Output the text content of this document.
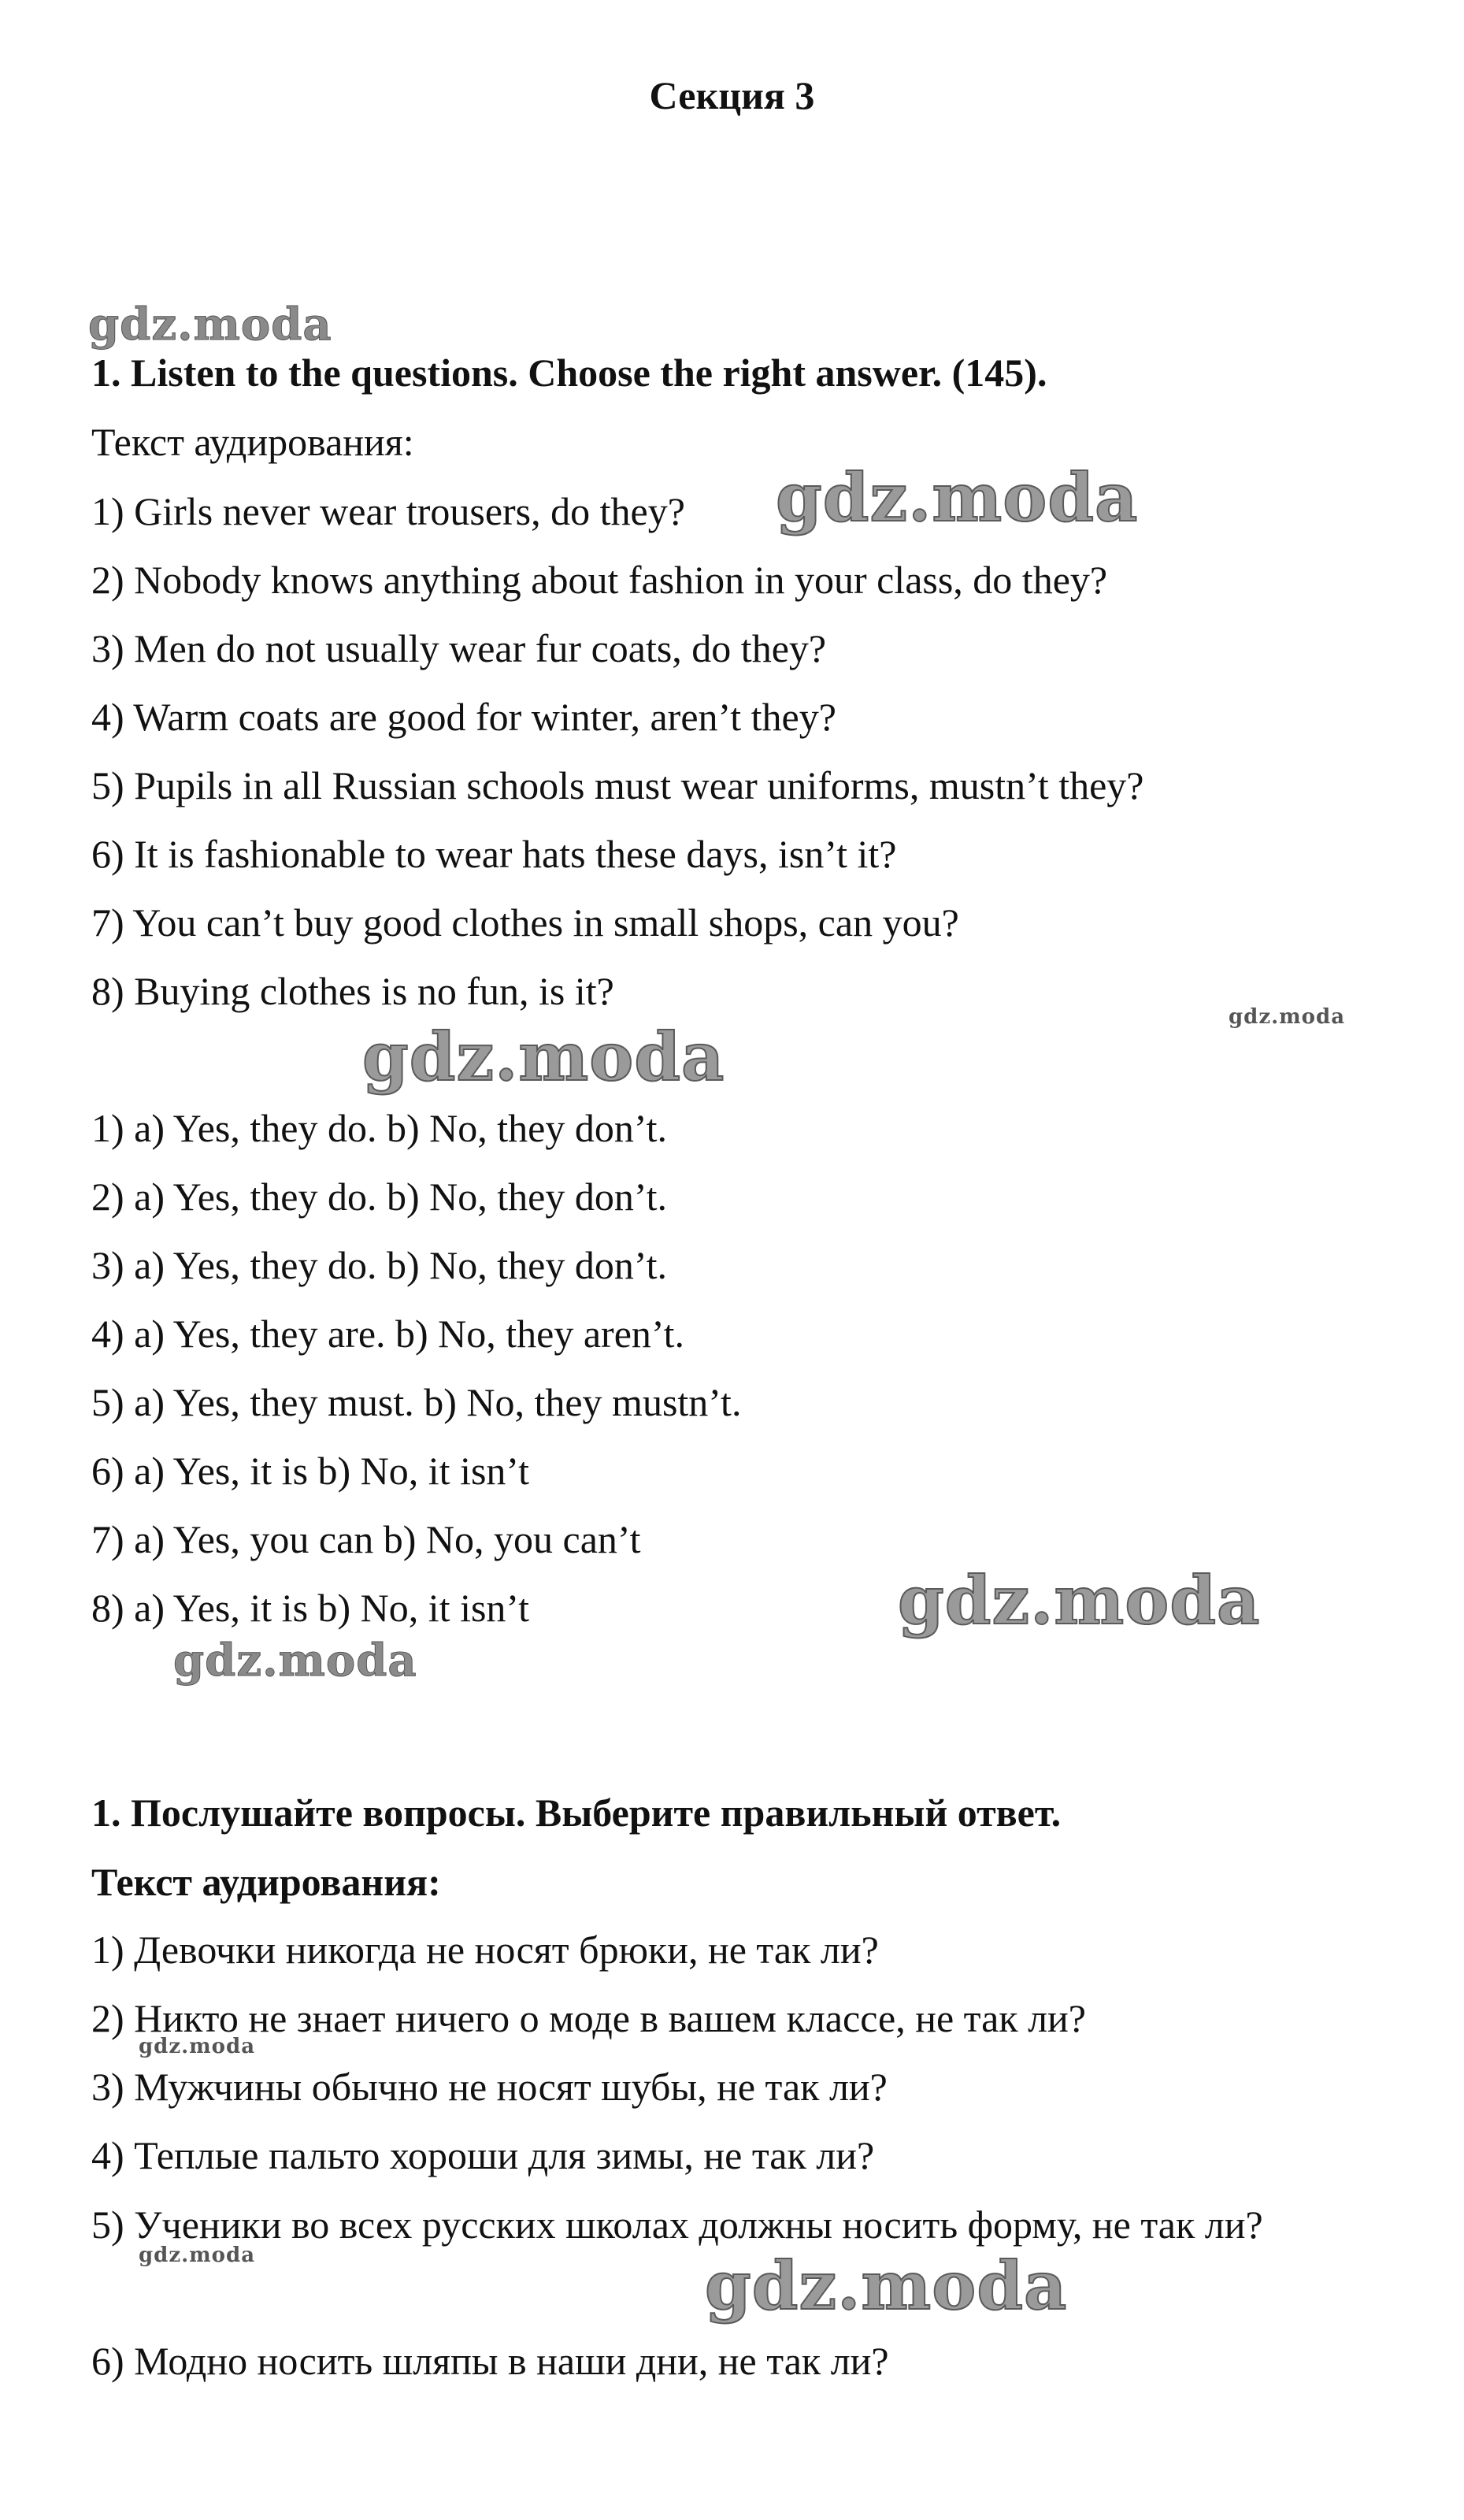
Секция 3
gdz.moda
gdz.moda
gdz.moda
gdz.moda
gdz.moda
gdz.moda
gdz.moda
gdz.moda	gdz.moda
1. Listen to the questions. Choose the right answer. (145).
Текст аудирования:
1) Girls never wear trousers, do they?
2) Nobody knows anything about fashion in your class, do they?
3) Men do not usually wear fur coats, do they?
4) Warm coats are good for winter, aren’t they?
5) Pupils in all Russian schools must wear uniforms, mustn’t they?
6) It is fashionable to wear hats these days, isn’t it?
7) You can’t buy good clothes in small shops, can you?
8) Buying clothes is no fun, is it?
1) a) Yes, they do. b) No, they don’t.
2) a) Yes, they do. b) No, they don’t.
3) a) Yes, they do. b) No, they don’t.
4) a) Yes, they are. b) No, they aren’t.
5) a) Yes, they must. b) No, they mustn’t.
6) a) Yes, it is b) No, it isn’t
7) a) Yes, you can b) No, you can’t
8) a) Yes, it is b) No, it isn’t
1. Послушайте вопросы. Выберите правильный ответ.
Текст аудирования:
1) Девочки никогда не носят брюки, не так ли?
2) Никто не знает ничего о моде в вашем классе, не так ли?
3) Мужчины обычно не носят шубы, не так ли?
4) Теплые пальто хороши для зимы, не так ли?
5) Ученики во всех русских школах должны носить форму, не так ли?
6) Модно носить шляпы в наши дни, не так ли?
